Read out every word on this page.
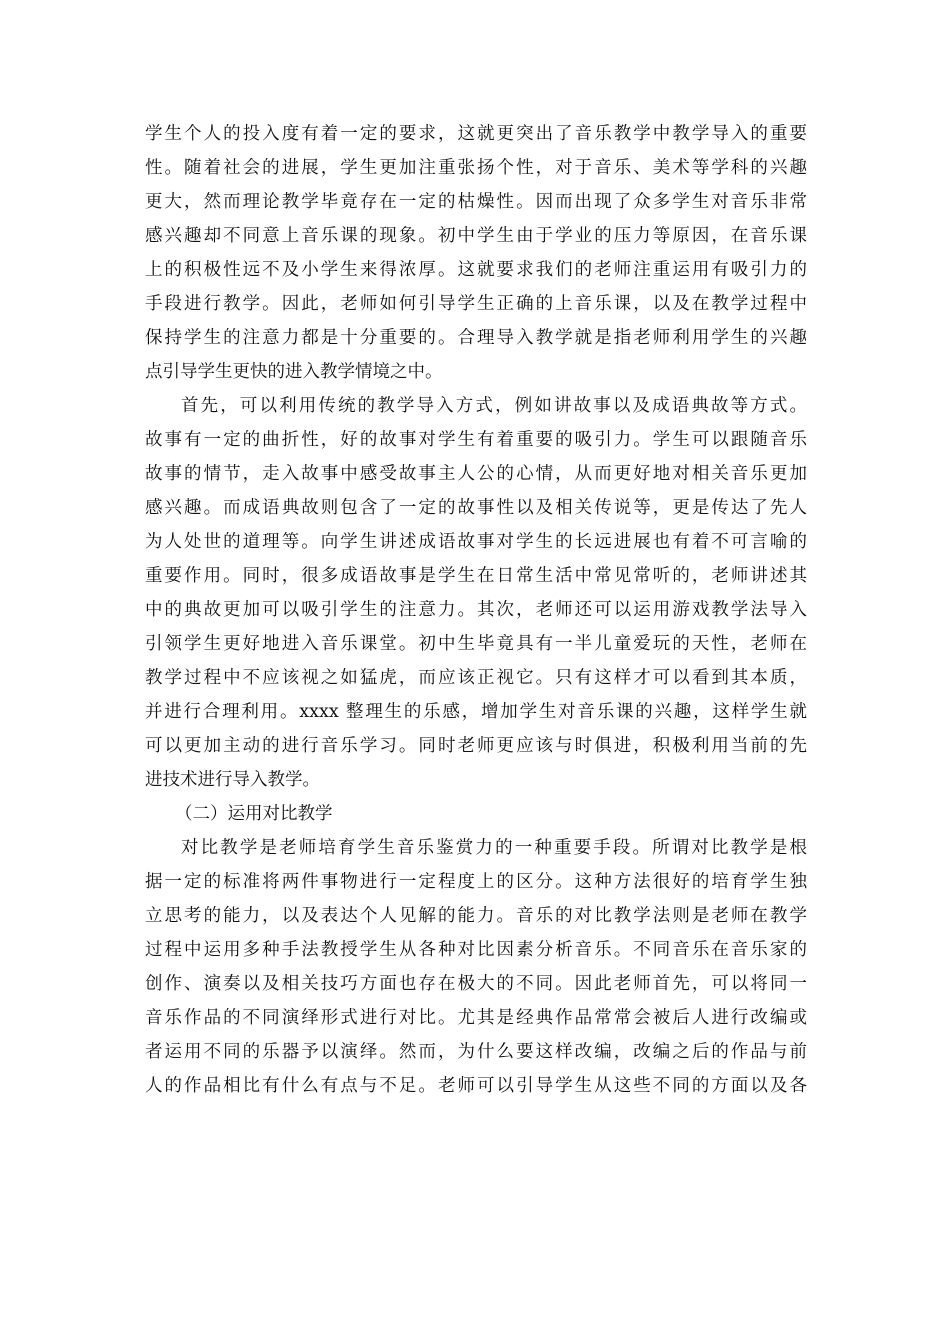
学生个人的投入度有着一定的要求，这就更突出了音乐教学中教学导入的重要
性。随着社会的进展，学生更加注重张扬个性，对于音乐、美术等学科的兴趣
更大，然而理论教学毕竟存在一定的枯燥性。因而出现了众多学生对音乐非常
感兴趣却不同意上音乐课的现象。初中学生由于学业的压力等原因，在音乐课
上的积极性远不及小学生来得浓厚。这就要求我们的老师注重运用有吸引力的
手段进行教学。因此，老师如何引导学生正确的上音乐课，以及在教学过程中
保持学生的注意力都是十分重要的。合理导入教学就是指老师利用学生的兴趣
点引导学生更快的进入教学情境之中。
首先，可以利用传统的教学导入方式，例如讲故事以及成语典故等方式。
故事有一定的曲折性，好的故事对学生有着重要的吸引力。学生可以跟随音乐
故事的情节，走入故事中感受故事主人公的心情，从而更好地对相关音乐更加
感兴趣。而成语典故则包含了一定的故事性以及相关传说等，更是传达了先人
为人处世的道理等。向学生讲述成语故事对学生的长远进展也有着不可言喻的
重要作用。同时，很多成语故事是学生在日常生活中常见常听的，老师讲述其
中的典故更加可以吸引学生的注意力。其次，老师还可以运用游戏教学法导入
引领学生更好地进入音乐课堂。初中生毕竟具有一半儿童爱玩的天性，老师在
教学过程中不应该视之如猛虎，而应该正视它。只有这样才可以看到其本质，
并进行合理利用。xxxx 整理生的乐感，增加学生对音乐课的兴趣，这样学生就
可以更加主动的进行音乐学习。同时老师更应该与时俱进，积极利用当前的先
进技术进行导入教学。
（二）运用对比教学
对比教学是老师培育学生音乐鉴赏力的一种重要手段。所谓对比教学是根
据一定的标准将两件事物进行一定程度上的区分。这种方法很好的培育学生独
立思考的能力，以及表达个人见解的能力。音乐的对比教学法则是老师在教学
过程中运用多种手法教授学生从各种对比因素分析音乐。不同音乐在音乐家的
创作、演奏以及相关技巧方面也存在极大的不同。因此老师首先，可以将同一
音乐作品的不同演绎形式进行对比。尤其是经典作品常常会被后人进行改编或
者运用不同的乐器予以演绎。然而，为什么要这样改编，改编之后的作品与前
人的作品相比有什么有点与不足。老师可以引导学生从这些不同的方面以及各
